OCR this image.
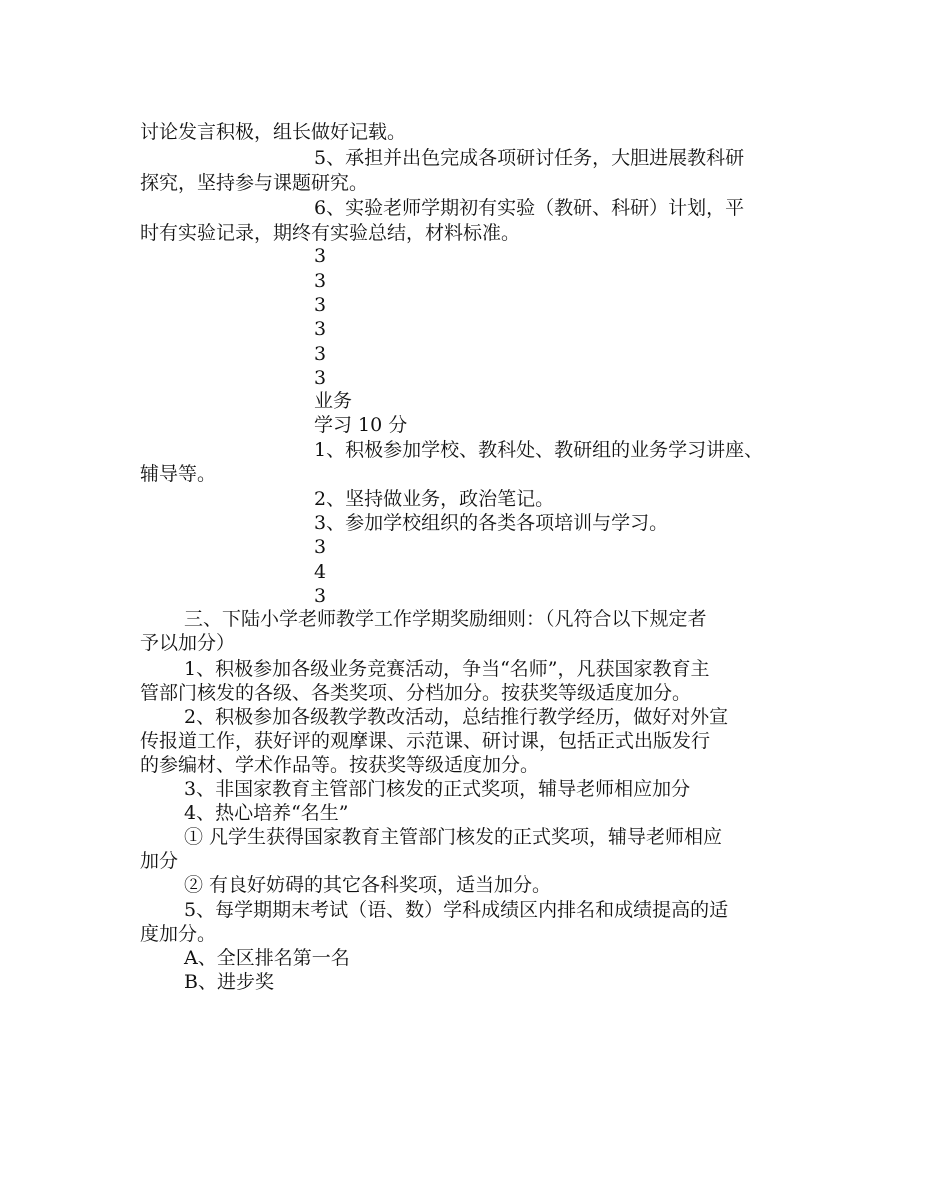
讨论发言积极，组长做好记载。
5、承担并出色完成各项研讨任务，大胆进展教科研
探究，坚持参与课题研究。
6、实验老师学期初有实验（教研、科研）计划，平
时有实验记录，期终有实验总结，材料标准。
3
3
3
3
3
3
业务
学习 10 分
1、积极参加学校、教科处、教研组的业务学习讲座、
辅导等。
2、坚持做业务，政治笔记。
3、参加学校组织的各类各项培训与学习。
3
4
3
三、下陆小学老师教学工作学期奖励细则：（凡符合以下规定者
予以加分）
1、积极参加各级业务竞赛活动，争当“名师”，凡获国家教育主
管部门核发的各级、各类奖项、分档加分。按获奖等级适度加分。
2、积极参加各级教学教改活动，总结推行教学经历，做好对外宣
传报道工作，获好评的观摩课、示范课、研讨课，包括正式出版发行
的参编材、学术作品等。按获奖等级适度加分。
3、非国家教育主管部门核发的正式奖项，辅导老师相应加分
4、热心培养“名生”
① 凡学生获得国家教育主管部门核发的正式奖项，辅导老师相应
加分
② 有良好妨碍的其它各科奖项，适当加分。
5、每学期期末考试（语、数）学科成绩区内排名和成绩提高的适
度加分。
A、全区排名第一名
B、进步奖
